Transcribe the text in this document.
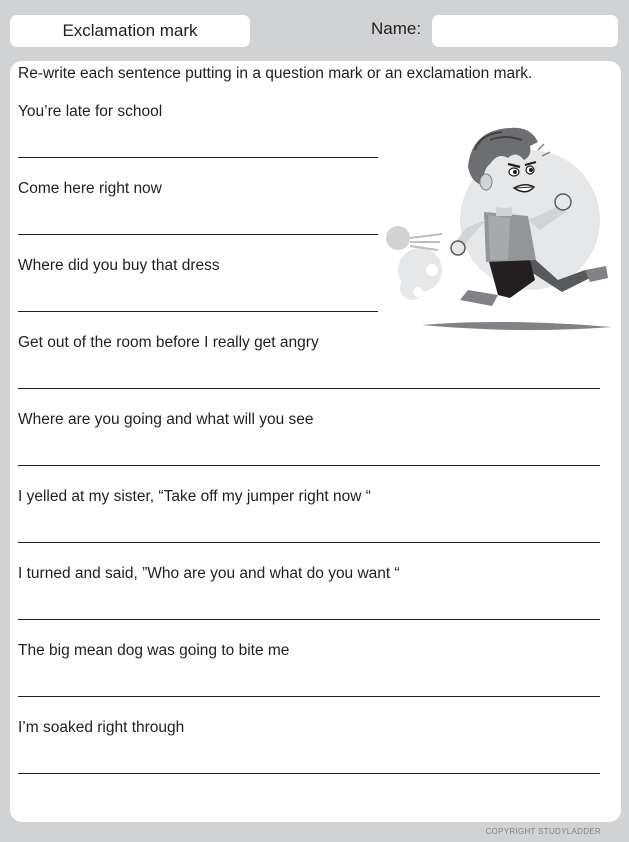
Exclamation mark	Name:
Re-write each sentence putting in a question mark or an exclamation mark.
You’re late for school
Come here right now
Where did you buy that dress
Get out of the room before I really get angry
Where are you going and what will you see
I yelled at my sister, “Take off my jumper right now “
I turned and said, ”Who are you and what do you want “
The big mean dog was going to bite me
I’m soaked right through
COPYRIGHT STUDYLADDER
